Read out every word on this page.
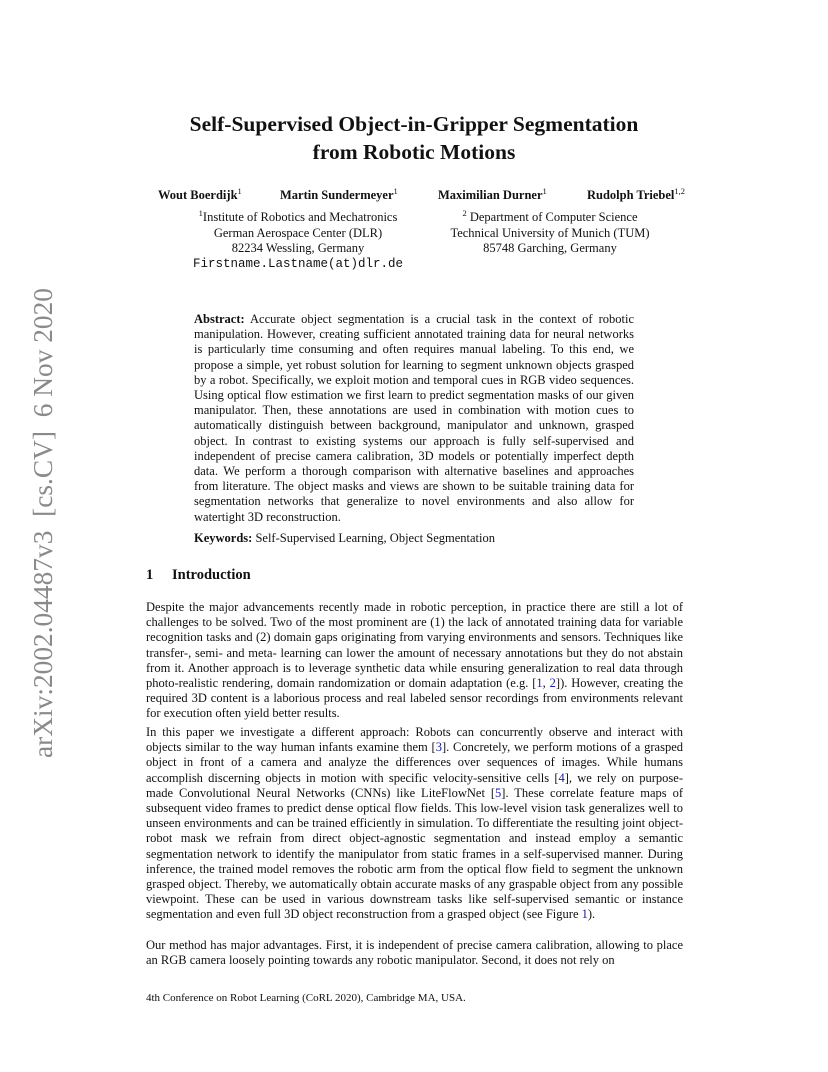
arXiv:2002.04487v3  [cs.CV]  6 Nov 2020
Self-Supervised Object-in-Gripper Segmentation
from Robotic Motions
Wout Boerdijk$^1$	Martin Sundermeyer$^1$	Maximilian Durner$^1$	Rudolph Triebel$^{1,2}$
$^1$Institute of Robotics and Mechatronics
German Aerospace Center (DLR)
82234 Wessling, Germany
Firstname.Lastname(at)dlr.de
$^2$ Department of Computer Science
Technical University of Munich (TUM)
85748 Garching, Germany
Abstract: Accurate object segmentation is a crucial task in the context of robotic manipulation. However, creating sufficient annotated training data for neural networks is particularly time consuming and often requires manual labeling. To this end, we propose a simple, yet robust solution for learning to segment unknown objects grasped by a robot. Specifically, we exploit motion and temporal cues in RGB video sequences. Using optical flow estimation we first learn to predict segmentation masks of our given manipulator. Then, these annotations are used in combination with motion cues to automatically distinguish between background, manipulator and unknown, grasped object. In contrast to existing systems our approach is fully self-supervised and independent of precise camera calibration, 3D models or potentially imperfect depth data. We perform a thorough comparison with alternative baselines and approaches from literature. The object masks and views are shown to be suitable training data for segmentation networks that generalize to novel environments and also allow for watertight 3D reconstruction.
Keywords: Self-Supervised Learning, Object Segmentation
1 Introduction

Despite the major advancements recently made in robotic perception, in practice there are still a lot of challenges to be solved. Two of the most prominent are (1) the lack of annotated training data for variable recognition tasks and (2) domain gaps originating from varying environments and sensors. Techniques like transfer-, semi- and meta- learning can lower the amount of necessary annotations but they do not abstain from it. Another approach is to leverage synthetic data while ensuring generalization to real data through photo-realistic rendering, domain randomization or domain adaptation (e.g. [1, 2]). However, creating the required 3D content is a laborious process and real labeled sensor recordings from environments relevant for execution often yield better results.

In this paper we investigate a different approach: Robots can concurrently observe and interact with objects similar to the way human infants examine them [3]. Concretely, we perform motions of a grasped object in front of a camera and analyze the differences over sequences of images. While humans accomplish discerning objects in motion with specific velocity-sensitive cells [4], we rely on purpose-made Convolutional Neural Networks (CNNs) like LiteFlowNet [5]. These correlate feature maps of subsequent video frames to predict dense optical flow fields. This low-level vision task generalizes well to unseen environments and can be trained efficiently in simulation. To differentiate the resulting joint object-robot mask we refrain from direct object-agnostic segmentation and instead employ a semantic segmentation network to identify the manipulator from static frames in a self-supervised manner. During inference, the trained model removes the robotic arm from the optical flow field to segment the unknown grasped object. Thereby, we automatically obtain accurate masks of any graspable object from any possible viewpoint. These can be used in various downstream tasks like self-supervised semantic or instance segmentation and even full 3D object reconstruction from a grasped object (see Figure 1).

Our method has major advantages. First, it is independent of precise camera calibration, allowing to place an RGB camera loosely pointing towards any robotic manipulator. Second, it does not rely on

4th Conference on Robot Learning (CoRL 2020), Cambridge MA, USA.
